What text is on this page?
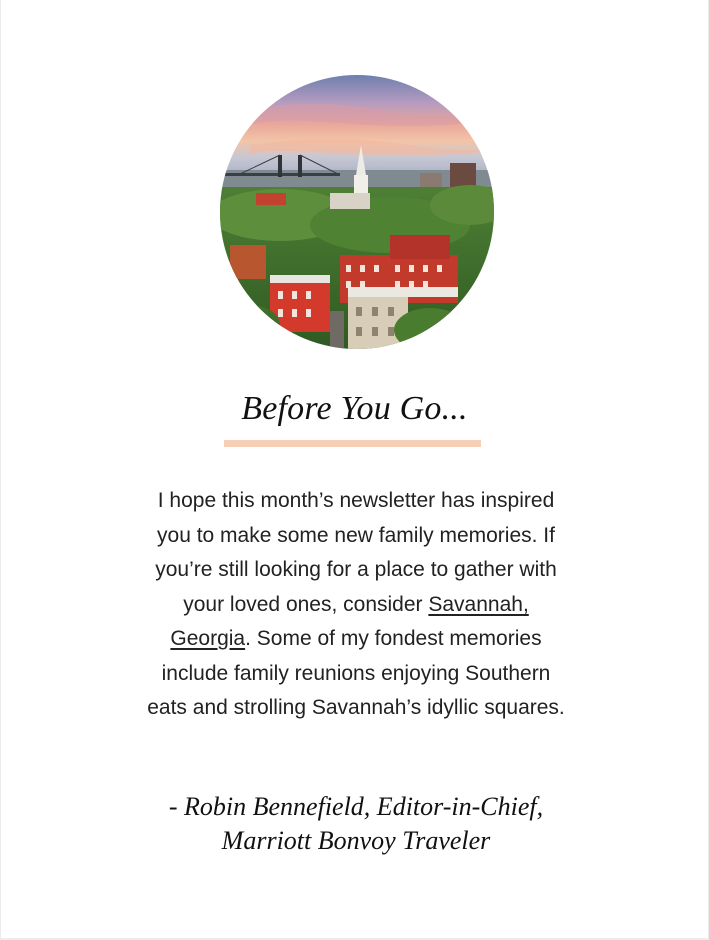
Before You Go...
I hope this month’s newsletter has inspired you to make some new family memories. If you’re still looking for a place to gather with your loved ones, consider Savannah, Georgia. Some of my fondest memories include family reunions enjoying Southern eats and strolling Savannah’s idyllic squares.
- Robin Bennefield, Editor-in-Chief,
Marriott Bonvoy Traveler
